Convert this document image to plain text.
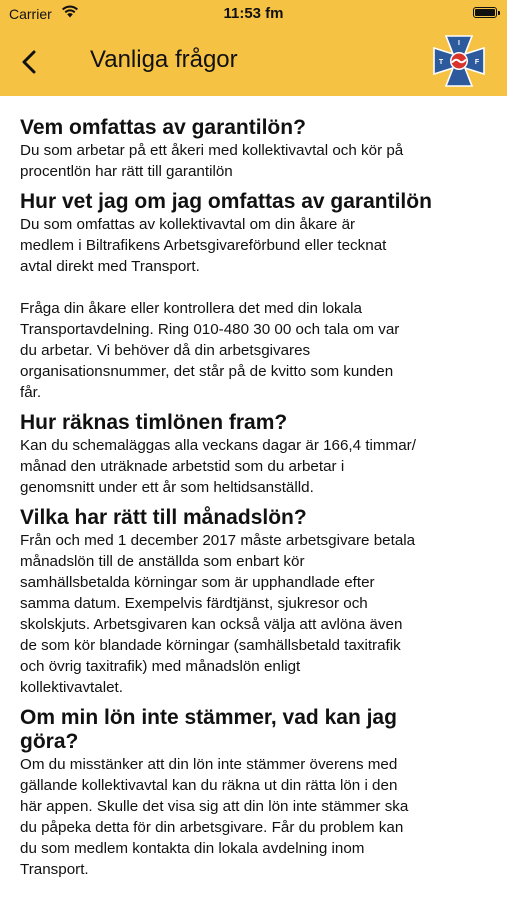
Carrier	11:53 fm
Vanliga frågor
I
T	F
Vem omfattas av garantilön?

Du som arbetar på ett åkeri med kollektivavtal och kör på
procentlön har rätt till garantilön

Hur vet jag om jag omfattas av garantilön

Du som omfattas av kollektivavtal om din åkare är
medlem i Biltrafikens Arbetsgivareförbund eller tecknat
avtal direkt med Transport.

Fråga din åkare eller kontrollera det med din lokala
Transportavdelning. Ring 010-480 30 00 och tala om var
du arbetar. Vi behöver då din arbetsgivares
organisationsnummer, det står på de kvitto som kunden
får.

Hur räknas timlönen fram?

Kan du schemaläggas alla veckans dagar är 166,4 timmar/
månad den uträknade arbetstid som du arbetar i
genomsnitt under ett år som heltidsanställd.

Vilka har rätt till månadslön?

Från och med 1 december 2017 måste arbetsgivare betala
månadslön till de anställda som enbart kör
samhällsbetalda körningar som är upphandlade efter
samma datum. Exempelvis färdtjänst, sjukresor och
skolskjuts. Arbetsgivaren kan också välja att avlöna även
de som kör blandade körningar (samhällsbetald taxitrafik
och övrig taxitrafik) med månadslön enligt
kollektivavtalet.

Om min lön inte stämmer, vad kan jag
göra?

Om du misstänker att din lön inte stämmer överens med
gällande kollektivavtal kan du räkna ut din rätta lön i den
här appen. Skulle det visa sig att din lön inte stämmer ska
du påpeka detta för din arbetsgivare. Får du problem kan
du som medlem kontakta din lokala avdelning inom
Transport.
